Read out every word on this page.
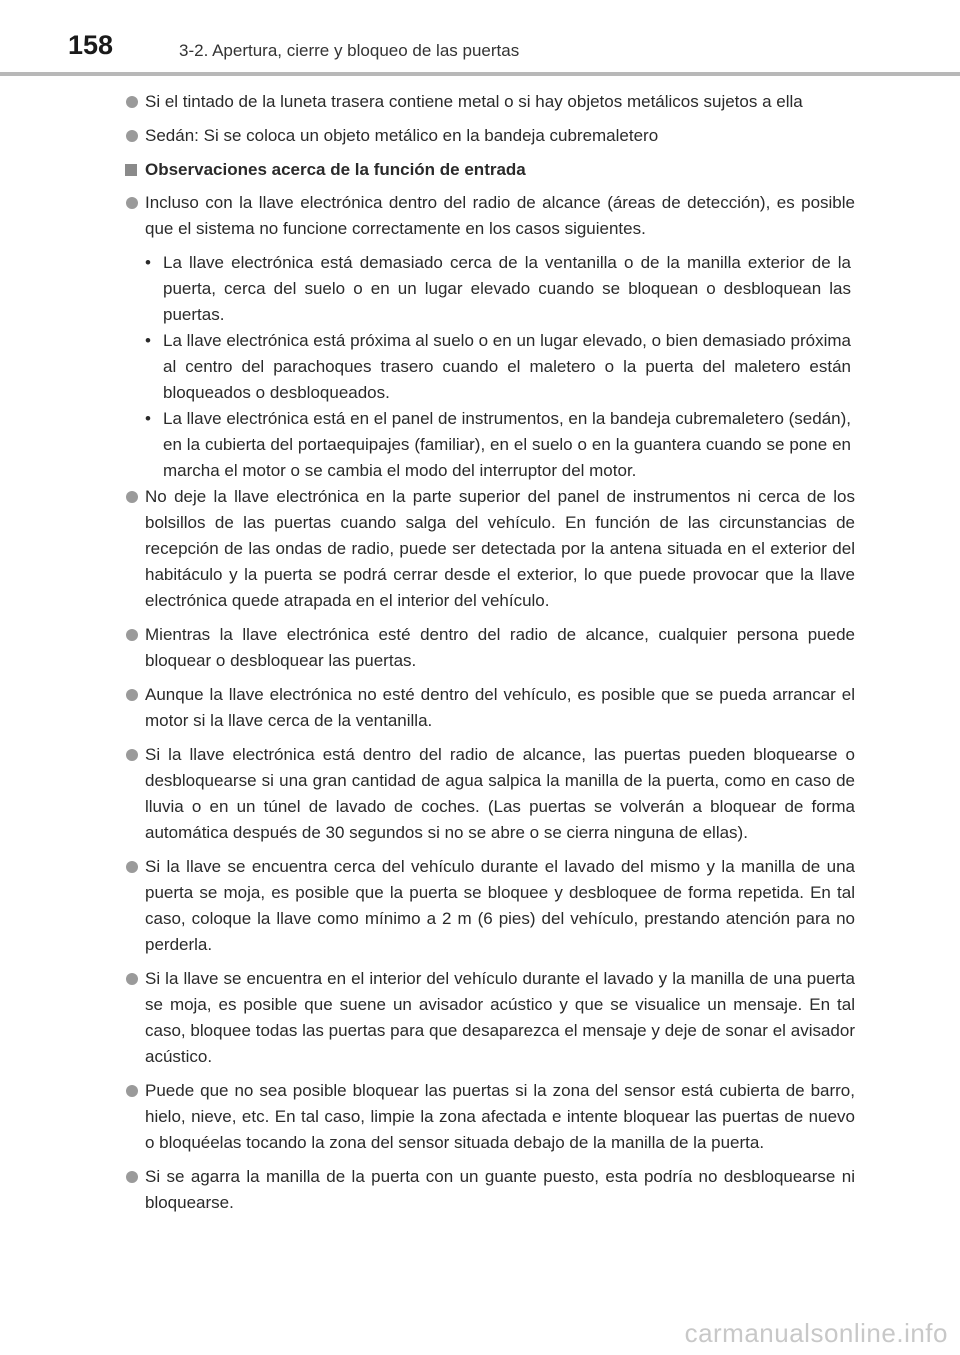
158	3-2. Apertura, cierre y bloqueo de las puertas
Si el tintado de la luneta trasera contiene metal o si hay objetos metálicos sujetos a ella
Sedán: Si se coloca un objeto metálico en la bandeja cubremaletero
Observaciones acerca de la función de entrada
Incluso con la llave electrónica dentro del radio de alcance (áreas de detección), es posible que el sistema no funcione correctamente en los casos siguientes.
• La llave electrónica está demasiado cerca de la ventanilla o de la manilla exterior de la puerta, cerca del suelo o en un lugar elevado cuando se bloquean o desbloquean las puertas.
• La llave electrónica está próxima al suelo o en un lugar elevado, o bien demasiado próxima al centro del parachoques trasero cuando el maletero o la puerta del maletero están bloqueados o desbloqueados.
• La llave electrónica está en el panel de instrumentos, en la bandeja cubremaletero (sedán), en la cubierta del portaequipajes (familiar), en el suelo o en la guantera cuando se pone en marcha el motor o se cambia el modo del interruptor del motor.
No deje la llave electrónica en la parte superior del panel de instrumentos ni cerca de los bolsillos de las puertas cuando salga del vehículo. En función de las circunstancias de recepción de las ondas de radio, puede ser detectada por la antena situada en el exterior del habitáculo y la puerta se podrá cerrar desde el exterior, lo que puede provocar que la llave electrónica quede atrapada en el interior del vehículo.
Mientras la llave electrónica esté dentro del radio de alcance, cualquier persona puede bloquear o desbloquear las puertas.
Aunque la llave electrónica no esté dentro del vehículo, es posible que se pueda arrancar el motor si la llave cerca de la ventanilla.
Si la llave electrónica está dentro del radio de alcance, las puertas pueden bloquearse o desbloquearse si una gran cantidad de agua salpica la manilla de la puerta, como en caso de lluvia o en un túnel de lavado de coches. (Las puertas se volverán a bloquear de forma automática después de 30 segundos si no se abre o se cierra ninguna de ellas).
Si la llave se encuentra cerca del vehículo durante el lavado del mismo y la manilla de una puerta se moja, es posible que la puerta se bloquee y desbloquee de forma repetida. En tal caso, coloque la llave como mínimo a 2 m (6 pies) del vehículo, prestando atención para no perderla.
Si la llave se encuentra en el interior del vehículo durante el lavado y la manilla de una puerta se moja, es posible que suene un avisador acústico y que se visualice un mensaje. En tal caso, bloquee todas las puertas para que desaparezca el mensaje y deje de sonar el avisador acústico.
Puede que no sea posible bloquear las puertas si la zona del sensor está cubierta de barro, hielo, nieve, etc. En tal caso, limpie la zona afectada e intente bloquear las puertas de nuevo o bloquéelas tocando la zona del sensor situada debajo de la manilla de la puerta.
Si se agarra la manilla de la puerta con un guante puesto, esta podría no desbloquearse ni bloquearse.
carmanualsonline.info
